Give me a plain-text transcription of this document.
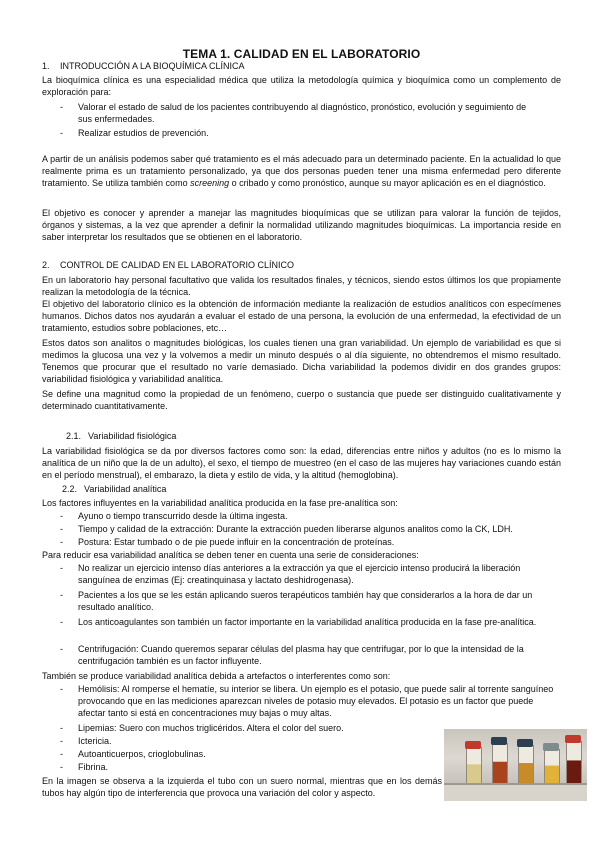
TEMA 1. CALIDAD EN EL LABORATORIO
1. INTRODUCCIÓN A LA BIOQUÍMICA CLÍNICA
La bioquímica clínica es una especialidad médica que utiliza la metodología química y bioquímica como un complemento de exploración para:
- Valorar el estado de salud de los pacientes contribuyendo al diagnóstico, pronóstico, evolución y seguimiento de sus enfermedades.
- Realizar estudios de prevención.
A partir de un análisis podemos saber qué tratamiento es el más adecuado para un determinado paciente. En la actualidad lo que realmente prima es un tratamiento personalizado, ya que dos personas pueden tener una misma enfermedad pero diferente tratamiento. Se utiliza también como screening o cribado y como pronóstico, aunque su mayor aplicación es en el diagnóstico.
El objetivo es conocer y aprender a manejar las magnitudes bioquímicas que se utilizan para valorar la función de tejidos, órganos y sistemas, a la vez que aprender a definir la normalidad utilizando magnitudes bioquímicas. La importancia reside en saber interpretar los resultados que se obtienen en el laboratorio.
2. CONTROL DE CALIDAD EN EL LABORATORIO CLÍNICO
En un laboratorio hay personal facultativo que valida los resultados finales, y técnicos, siendo estos últimos los que propiamente realizan la metodología de la técnica.
El objetivo del laboratorio clínico es la obtención de información mediante la realización de estudios analíticos con especímenes humanos. Dichos datos nos ayudarán a evaluar el estado de una persona, la evolución de una enfermedad, la efectividad de un tratamiento, estudios sobre poblaciones, etc…
Estos datos son analitos o magnitudes biológicas, los cuales tienen una gran variabilidad. Un ejemplo de variabilidad es que si medimos la glucosa una vez y la volvemos a medir un minuto después o al día siguiente, no obtendremos el mismo resultado. Tenemos que procurar que el resultado no varíe demasiado. Dicha variabilidad la podemos dividir en dos grandes grupos: variabilidad fisiológica y variabilidad analítica.
Se define una magnitud como la propiedad de un fenómeno, cuerpo o sustancia que puede ser distinguido cualitativamente y determinado cuantitativamente.
2.1. Variabilidad fisiológica
La variabilidad fisiológica se da por diversos factores como son: la edad, diferencias entre niños y adultos (no es lo mismo la analítica de un niño que la de un adulto), el sexo, el tiempo de muestreo (en el caso de las mujeres hay variaciones cuando están en el período menstrual), el embarazo, la dieta y estilo de vida, y la altitud (hemoglobina).
2.2. Variabilidad analítica
Los factores influyentes en la variabilidad analítica producida en la fase pre-analítica son:
- Ayuno o tiempo transcurrido desde la última ingesta.
- Tiempo y calidad de la extracción: Durante la extracción pueden liberarse algunos analitos como la CK, LDH.
- Postura: Estar tumbado o de pie puede influir en la concentración de proteínas.
Para reducir esa variabilidad analítica se deben tener en cuenta una serie de consideraciones:
- No realizar un ejercicio intenso días anteriores a la extracción ya que el ejercicio intenso producirá la liberación sanguínea de enzimas (Ej: creatinquinasa y lactato deshidrogenasa).
- Pacientes a los que se les están aplicando sueros terapéuticos también hay que considerarlos a la hora de dar un resultado analítico.
- Los anticoagulantes son también un factor importante en la variabilidad analítica producida en la fase pre-analítica.
- Centrifugación: Cuando queremos separar células del plasma hay que centrifugar, por lo que la intensidad de la centrifugación también es un factor influyente.
También se produce variabilidad analítica debida a artefactos o interferentes como son:
- Hemólisis: Al romperse el hematíe, su interior se libera. Un ejemplo es el potasio, que puede salir al torrente sanguíneo provocando que en las mediciones aparezcan niveles de potasio muy elevados. El potasio es un factor que puede afectar tanto si está en concentraciones muy bajas o muy altas.
- Lipemias: Suero con muchos triglicéridos. Altera el color del suero.
- Ictericia.
- Autoanticuerpos, crioglobulinas.
- Fibrina.
En la imagen se observa a la izquierda el tubo con un suero normal, mientras que en los demás tubos hay algún tipo de interferencia que provoca una variación del color y aspecto.
